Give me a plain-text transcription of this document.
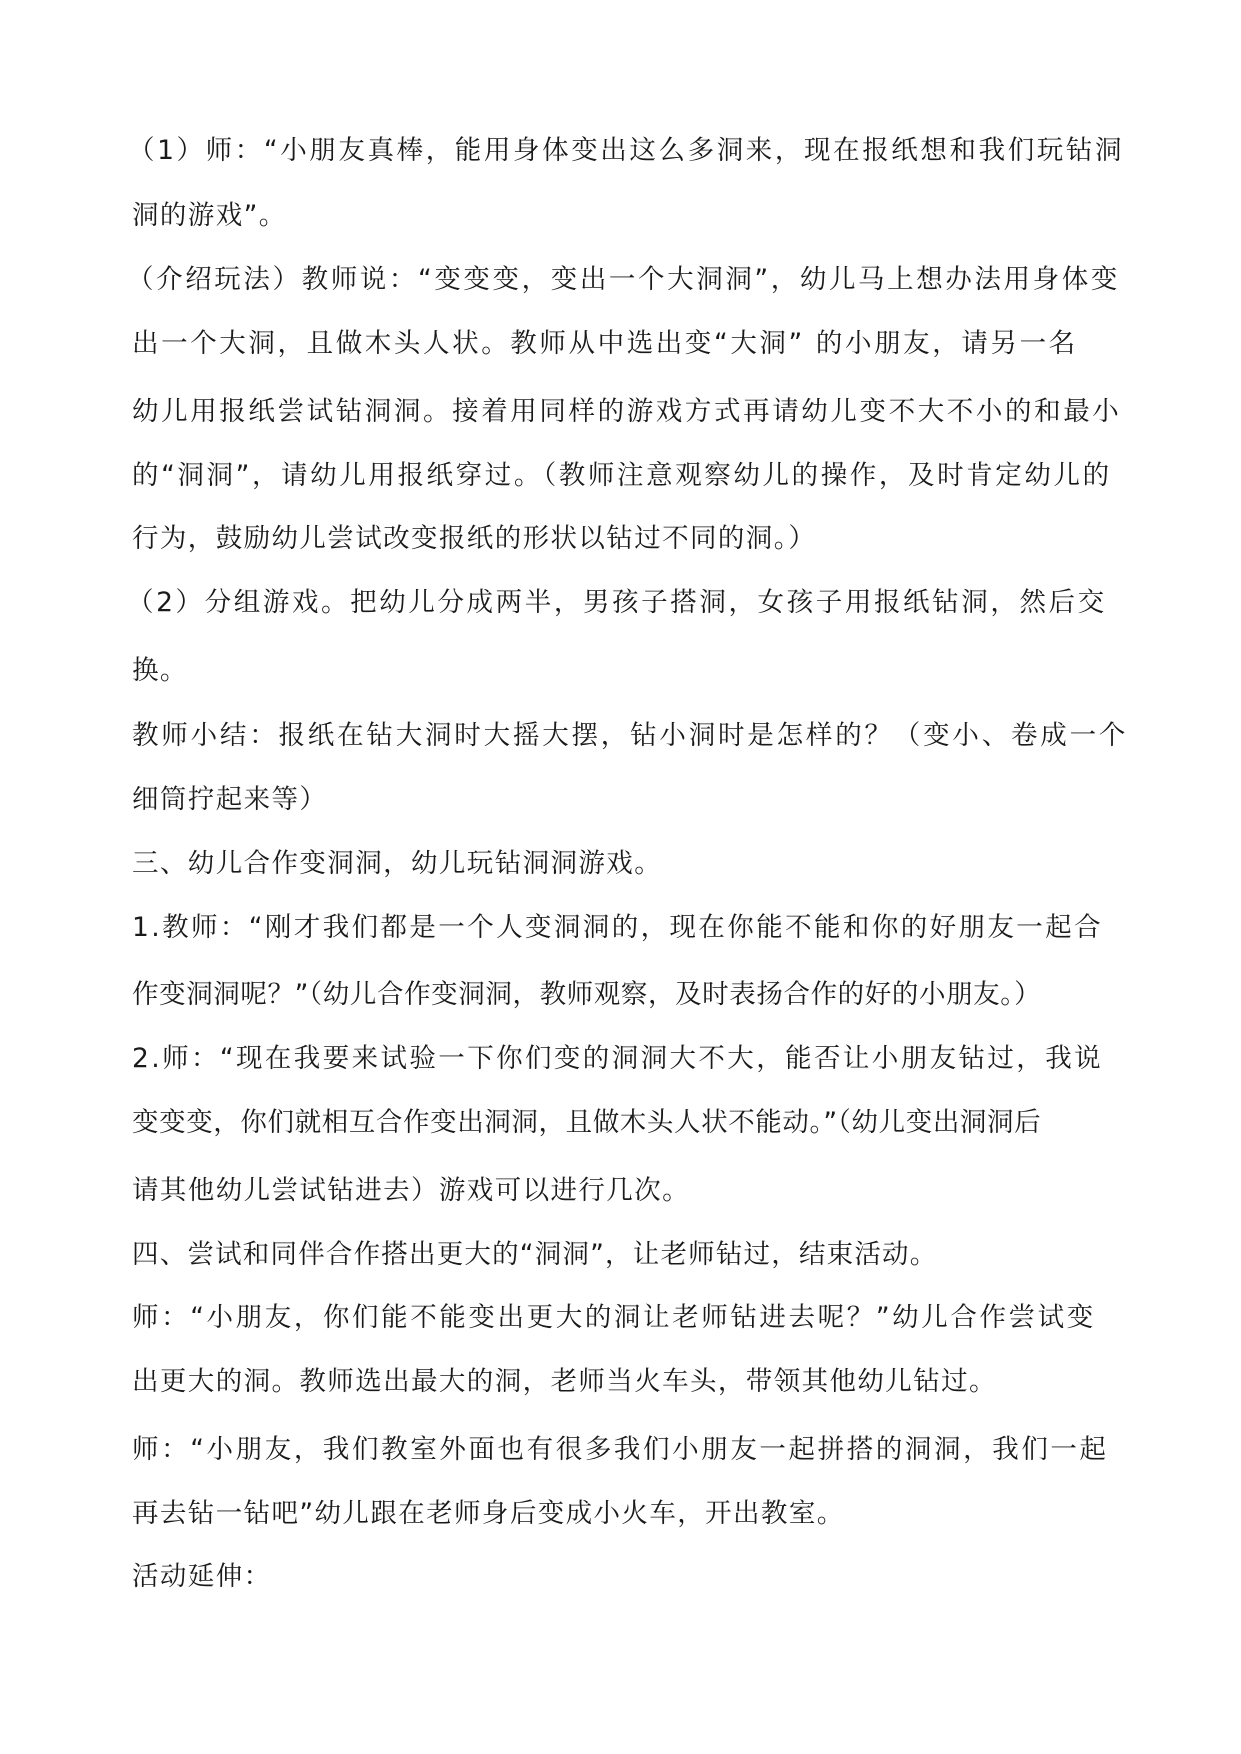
（1）师：“小朋友真棒，能用身体变出这么多洞来，现在报纸想和我们玩钻洞

洞的游戏”。

（介绍玩法）教师说：“变变变，变出一个大洞洞”，幼儿马上想办法用身体变

出一个大洞，且做木头人状。教师从中选出变“大洞” 的小朋友，请另一名

幼儿用报纸尝试钻洞洞。接着用同样的游戏方式再请幼儿变不大不小的和最小

的“洞洞”，请幼儿用报纸穿过。（教师注意观察幼儿的操作，及时肯定幼儿的

行为，鼓励幼儿尝试改变报纸的形状以钻过不同的洞。）

（2）分组游戏。把幼儿分成两半，男孩子搭洞，女孩子用报纸钻洞，然后交

换。

教师小结：报纸在钻大洞时大摇大摆，钻小洞时是怎样的？（变小、卷成一个

细筒拧起来等）

三、幼儿合作变洞洞，幼儿玩钻洞洞游戏。

1.教师：“刚才我们都是一个人变洞洞的，现在你能不能和你的好朋友一起合

作变洞洞呢？”（幼儿合作变洞洞，教师观察，及时表扬合作的好的小朋友。）

2.师：“现在我要来试验一下你们变的洞洞大不大，能否让小朋友钻过，我说

变变变，你们就相互合作变出洞洞，且做木头人状不能动。”（幼儿变出洞洞后

请其他幼儿尝试钻进去）游戏可以进行几次。

四、尝试和同伴合作搭出更大的“洞洞”，让老师钻过，结束活动。

师：“小朋友，你们能不能变出更大的洞让老师钻进去呢？”幼儿合作尝试变

出更大的洞。教师选出最大的洞，老师当火车头，带领其他幼儿钻过。

师：“小朋友，我们教室外面也有很多我们小朋友一起拼搭的洞洞，我们一起

再去钻一钻吧”幼儿跟在老师身后变成小火车，开出教室。

活动延伸：
